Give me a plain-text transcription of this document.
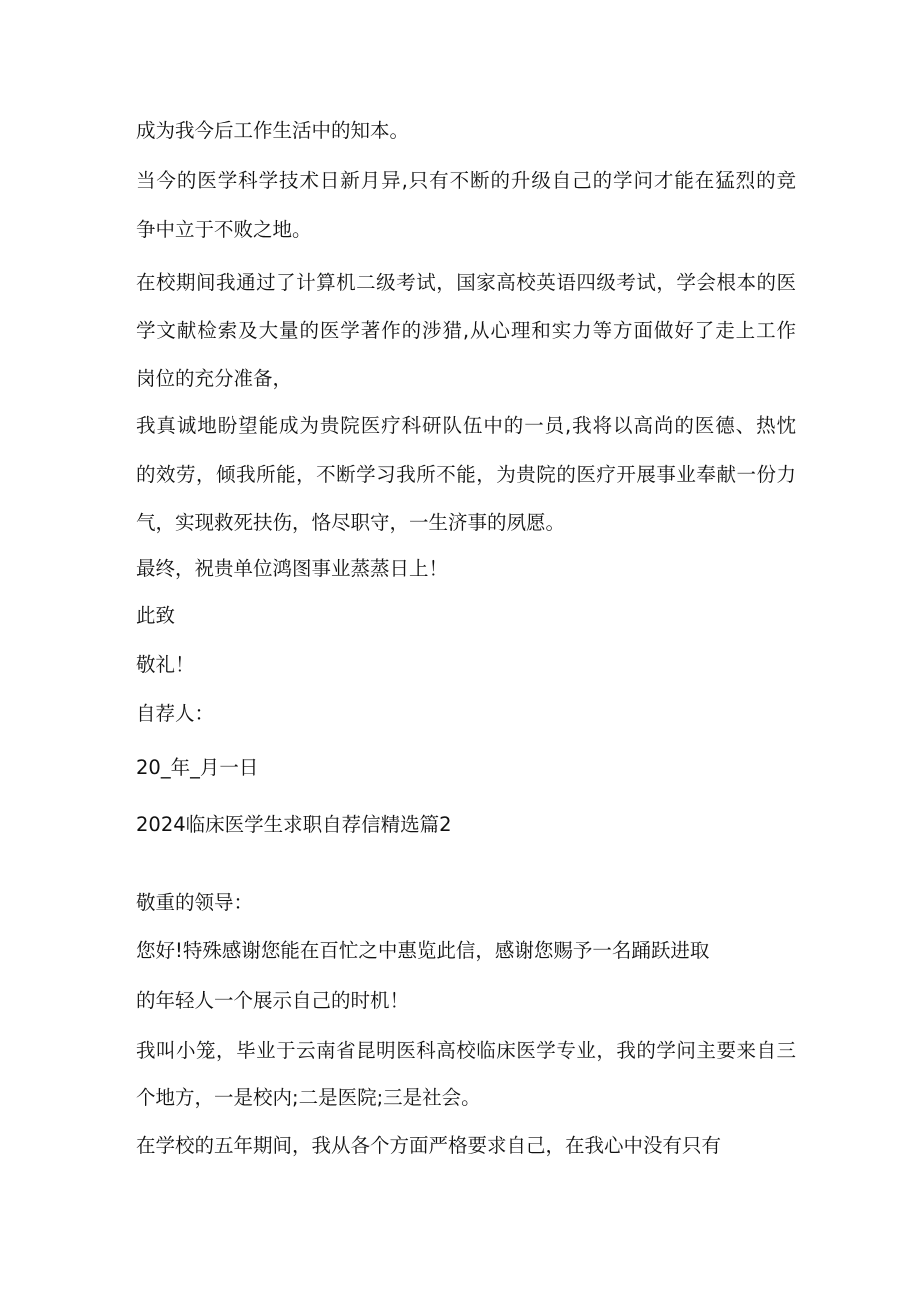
成为我今后工作生活中的知本。
当今的医学科学技术日新月异,只有不断的升级自己的学问才能在猛烈的竞
争中立于不败之地。
在校期间我通过了计算机二级考试，国家高校英语四级考试，学会根本的医
学文献检索及大量的医学著作的涉猎,从心理和实力等方面做好了走上工作
岗位的充分准备，
我真诚地盼望能成为贵院医疗科研队伍中的一员,我将以高尚的医德、热忱
的效劳，倾我所能，不断学习我所不能，为贵院的医疗开展事业奉献一份力
气，实现救死扶伤，恪尽职守，一生济事的夙愿。
最终，祝贵单位鸿图事业蒸蒸日上！
此致
敬礼！
自荐人：
20_年_月一日
2024临床医学生求职自荐信精选篇2
敬重的领导：
您好!特殊感谢您能在百忙之中惠览此信，感谢您赐予一名踊跃进取
的年轻人一个展示自己的时机！
我叫小笼，毕业于云南省昆明医科高校临床医学专业，我的学问主要来自三
个地方，一是校内;二是医院;三是社会。
在学校的五年期间，我从各个方面严格要求自己，在我心中没有只有
